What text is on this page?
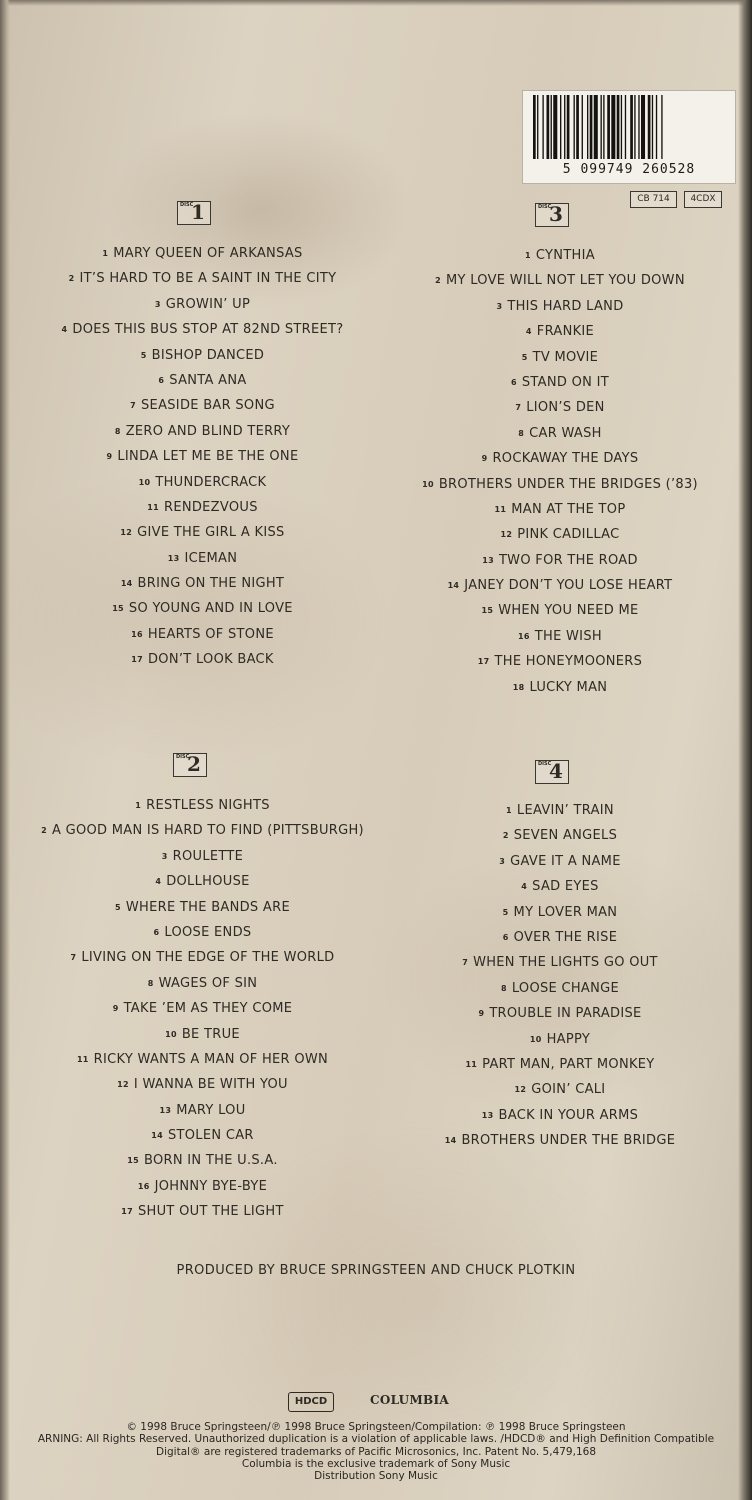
5 099749 260528
CB 714	4CDX
DISC
1
1 MARY QUEEN OF ARKANSAS
2 IT’S HARD TO BE A SAINT IN THE CITY
3 GROWIN’ UP
4 DOES THIS BUS STOP AT 82ND STREET?
5 BISHOP DANCED
6 SANTA ANA
7 SEASIDE BAR SONG
8 ZERO AND BLIND TERRY
9 LINDA LET ME BE THE ONE
10 THUNDERCRACK
11 RENDEZVOUS
12 GIVE THE GIRL A KISS
13 ICEMAN
14 BRING ON THE NIGHT
15 SO YOUNG AND IN LOVE
16 HEARTS OF STONE
17 DON’T LOOK BACK
DISC
2
1 RESTLESS NIGHTS
2 A GOOD MAN IS HARD TO FIND (PITTSBURGH)
3 ROULETTE
4 DOLLHOUSE
5 WHERE THE BANDS ARE
6 LOOSE ENDS
7 LIVING ON THE EDGE OF THE WORLD
8 WAGES OF SIN
9 TAKE ’EM AS THEY COME
10 BE TRUE
11 RICKY WANTS A MAN OF HER OWN
12 I WANNA BE WITH YOU
13 MARY LOU
14 STOLEN CAR
15 BORN IN THE U.S.A.
16 JOHNNY BYE-BYE
17 SHUT OUT THE LIGHT
DISC
3
1 CYNTHIA
2 MY LOVE WILL NOT LET YOU DOWN
3 THIS HARD LAND
4 FRANKIE
5 TV MOVIE
6 STAND ON IT
7 LION’S DEN
8 CAR WASH
9 ROCKAWAY THE DAYS
10 BROTHERS UNDER THE BRIDGES (’83)
11 MAN AT THE TOP
12 PINK CADILLAC
13 TWO FOR THE ROAD
14 JANEY DON’T YOU LOSE HEART
15 WHEN YOU NEED ME
16 THE WISH
17 THE HONEYMOONERS
18 LUCKY MAN
DISC
4
1 LEAVIN’ TRAIN
2 SEVEN ANGELS
3 GAVE IT A NAME
4 SAD EYES
5 MY LOVER MAN
6 OVER THE RISE
7 WHEN THE LIGHTS GO OUT
8 LOOSE CHANGE
9 TROUBLE IN PARADISE
10 HAPPY
11 PART MAN, PART MONKEY
12 GOIN’ CALI
13 BACK IN YOUR ARMS
14 BROTHERS UNDER THE BRIDGE
PRODUCED BY BRUCE SPRINGSTEEN AND CHUCK PLOTKIN
HDCD	COLUMBIA
© 1998 Bruce Springsteen/℗ 1998 Bruce Springsteen/Compilation: ℗ 1998 Bruce Springsteen
ARNING: All Rights Reserved. Unauthorized duplication is a violation of applicable laws. /HDCD® and High Definition Compatible
Digital® are registered trademarks of Pacific Microsonics, Inc. Patent No. 5,479,168
Columbia is the exclusive trademark of Sony Music
Distribution Sony Music
